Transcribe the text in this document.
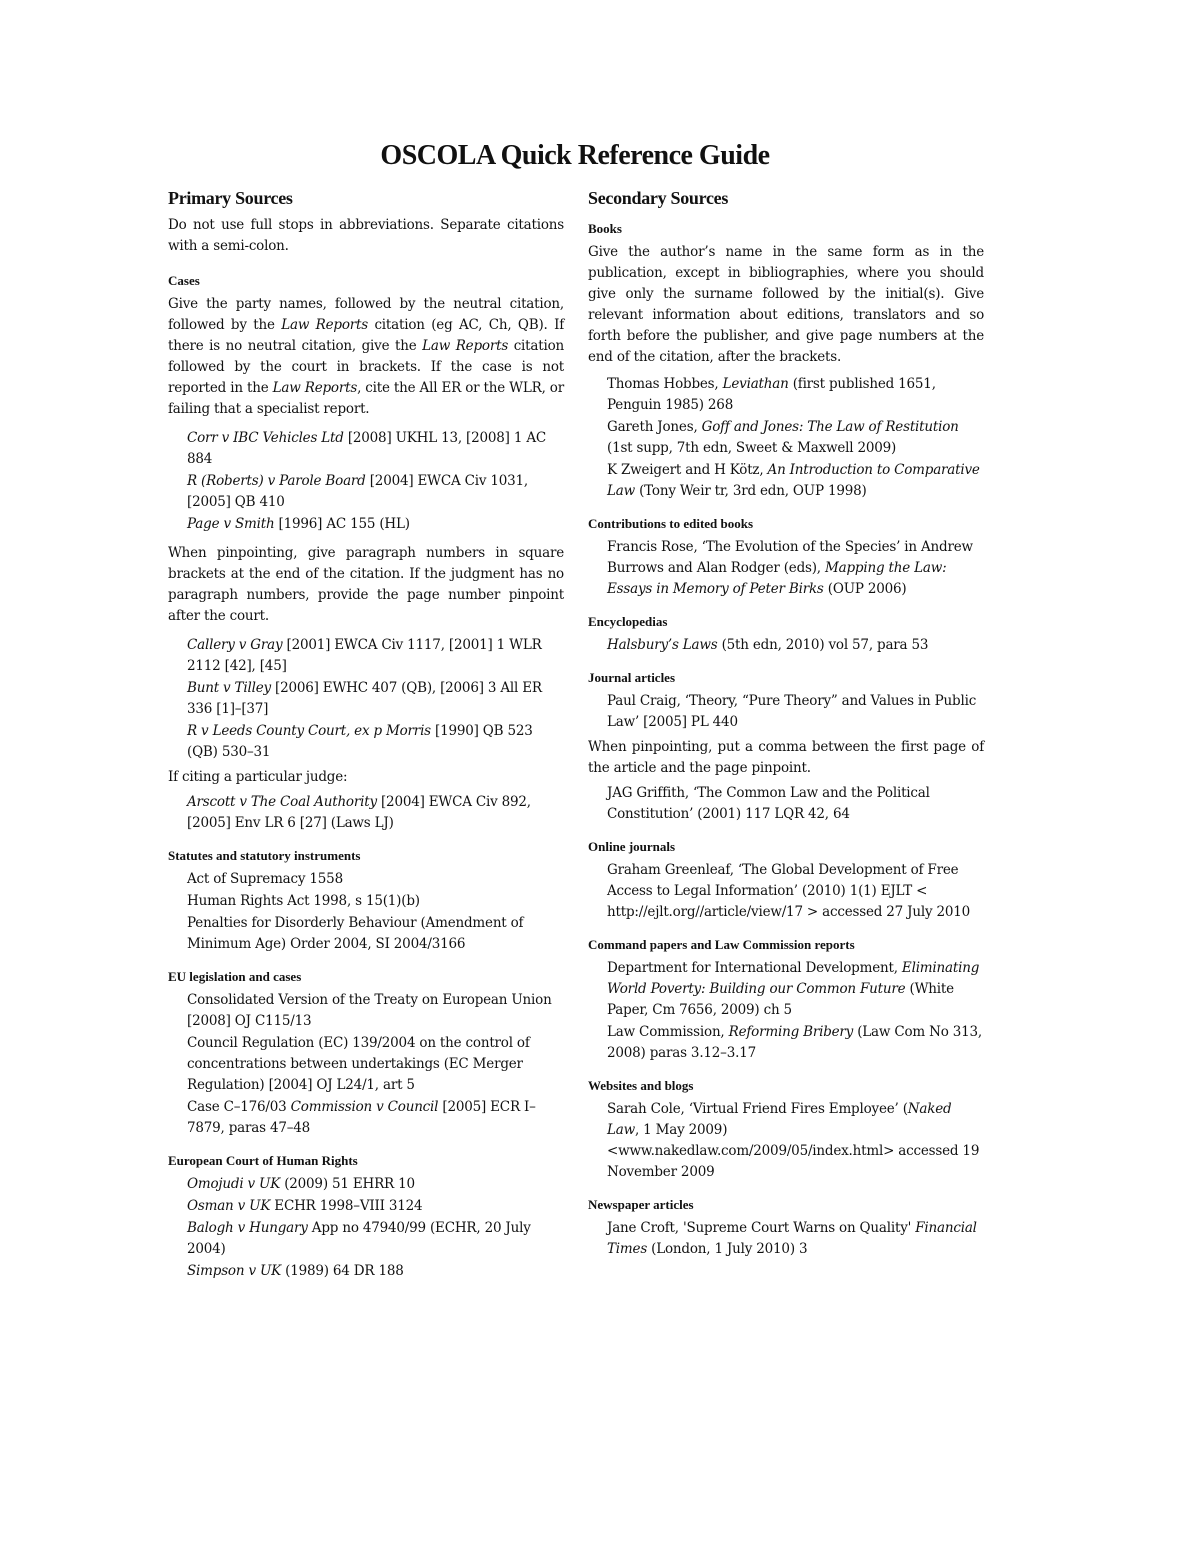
OSCOLA Quick Reference Guide
Primary Sources

Do not use full stops in abbreviations. Separate citations with a semi-colon.

Cases

Give the party names, followed by the neutral citation, followed by the Law Reports citation (eg AC, Ch, QB). If there is no neutral citation, give the Law Reports citation followed by the court in brackets. If the case is not reported in the Law Reports, cite the All ER or the WLR, or failing that a specialist report.

Corr v IBC Vehicles Ltd [2008] UKHL 13, [2008] 1 AC 884

R (Roberts) v Parole Board [2004] EWCA Civ 1031, [2005] QB 410

Page v Smith [1996] AC 155 (HL)

When pinpointing, give paragraph numbers in square brackets at the end of the citation. If the judgment has no paragraph numbers, provide the page number pinpoint after the court.

Callery v Gray [2001] EWCA Civ 1117, [2001] 1 WLR 2112 [42], [45]

Bunt v Tilley [2006] EWHC 407 (QB), [2006] 3 All ER 336 [1]–[37]

R v Leeds County Court, ex p Morris [1990] QB 523 (QB) 530–31

If citing a particular judge:

Arscott v The Coal Authority [2004] EWCA Civ 892, [2005] Env LR 6 [27] (Laws LJ)

Statutes and statutory instruments

Act of Supremacy 1558

Human Rights Act 1998, s 15(1)(b)

Penalties for Disorderly Behaviour (Amendment of Minimum Age) Order 2004, SI 2004/3166

EU legislation and cases

Consolidated Version of the Treaty on European Union [2008] OJ C115/13

Council Regulation (EC) 139/2004 on the control of concentrations between undertakings (EC Merger Regulation) [2004] OJ L24/1, art 5

Case C–176/03 Commission v Council [2005] ECR I–7879, paras 47–48

European Court of Human Rights

Omojudi v UK (2009) 51 EHRR 10

Osman v UK ECHR 1998–VIII 3124

Balogh v Hungary App no 47940/99 (ECHR, 20 July 2004)

Simpson v UK (1989) 64 DR 188

Secondary Sources
Books

Give the author’s name in the same form as in the publication, except in bibliographies, where you should give only the surname followed by the initial(s). Give relevant information about editions, translators and so forth before the publisher, and give page numbers at the end of the citation, after the brackets.

Thomas Hobbes, Leviathan (first published 1651, Penguin 1985) 268

Gareth Jones, Goff and Jones: The Law of Restitution (1st supp, 7th edn, Sweet & Maxwell 2009)

K Zweigert and H Kötz, An Introduction to Comparative Law (Tony Weir tr, 3rd edn, OUP 1998)

Contributions to edited books

Francis Rose, ‘The Evolution of the Species’ in Andrew Burrows and Alan Rodger (eds), Mapping the Law: Essays in Memory of Peter Birks (OUP 2006)

Encyclopedias

Halsbury’s Laws (5th edn, 2010) vol 57, para 53

Journal articles

Paul Craig, ‘Theory, “Pure Theory” and Values in Public Law’ [2005] PL 440

When pinpointing, put a comma between the first page of the article and the page pinpoint.

JAG Griffith, ‘The Common Law and the Political Constitution’ (2001) 117 LQR 42, 64

Online journals

Graham Greenleaf, ‘The Global Development of Free Access to Legal Information’ (2010) 1(1) EJLT < http://ejlt.org//article/view/17 > accessed 27 July 2010

Command papers and Law Commission reports

Department for International Development, Eliminating World Poverty: Building our Common Future (White Paper, Cm 7656, 2009) ch 5

Law Commission, Reforming Bribery (Law Com No 313, 2008) paras 3.12–3.17

Websites and blogs

Sarah Cole, ‘Virtual Friend Fires Employee’ (Naked Law, 1 May 2009) <www.nakedlaw.com/2009/05/index.html> accessed 19 November 2009

Newspaper articles

Jane Croft, 'Supreme Court Warns on Quality' Financial Times (London, 1 July 2010) 3
